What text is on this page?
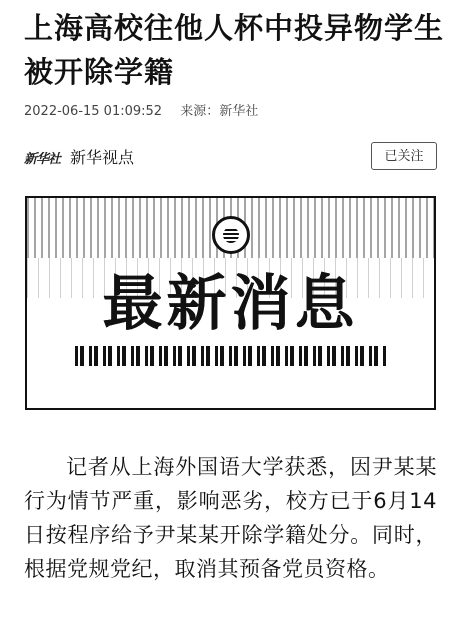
上海高校往他人杯中投异物学生被开除学籍
2022-06-15 01:09:52 来源：新华社
新华社 新华视点	已关注
最新消息

记者从上海外国语大学获悉，因尹某某行为情节严重，影响恶劣，校方已于6月14日按程序给予尹某某开除学籍处分。同时，根据党规党纪，取消其预备党员资格。
